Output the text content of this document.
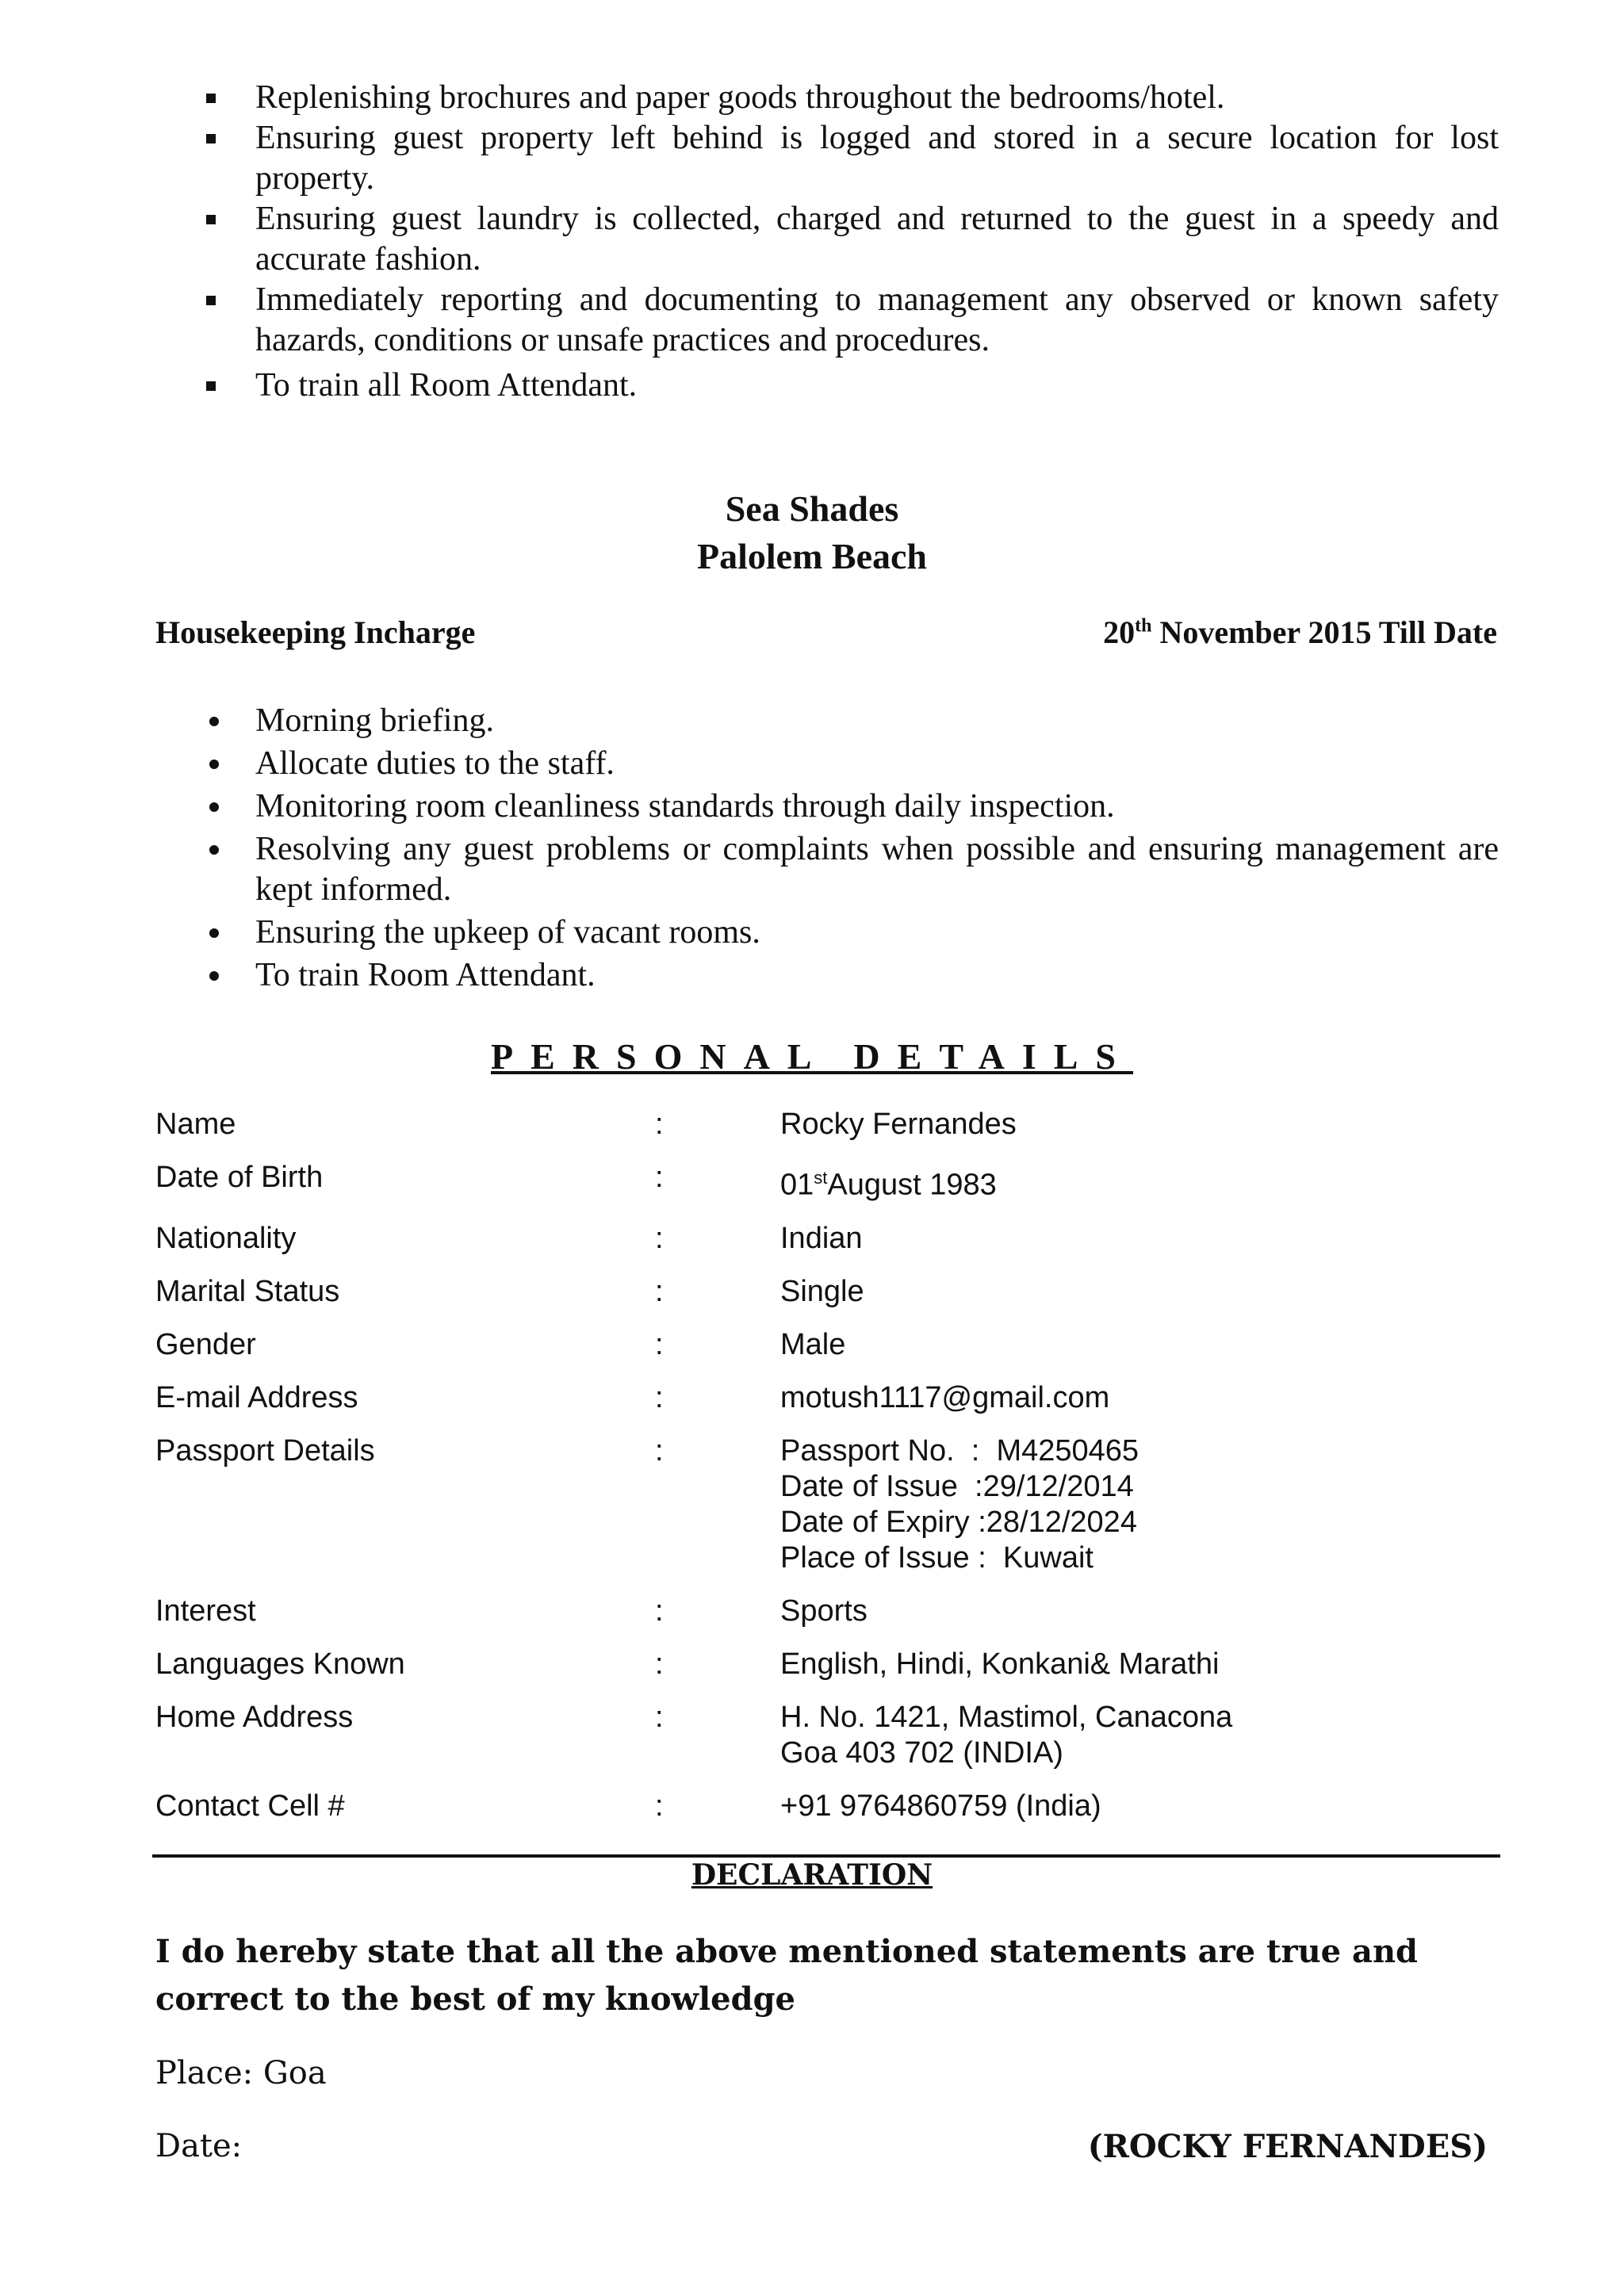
Replenishing brochures and paper goods throughout the bedrooms/hotel.
Ensuring guest property left behind is logged and stored in a secure location for lost property.
Ensuring guest laundry is collected, charged and returned to the guest in a speedy and accurate fashion.
Immediately reporting and documenting to management any observed or known safety hazards, conditions or unsafe practices and procedures.
To train all Room Attendant.
Sea Shades
Palolem Beach
Housekeeping Incharge	20th November 2015 Till Date
Morning briefing.
Allocate duties to the staff.
Monitoring room cleanliness standards through daily inspection.
Resolving any guest problems or complaints when possible and ensuring management are kept informed.
Ensuring the upkeep of vacant rooms.
To train Room Attendant.
PERSONAL DETAILS
Name	:	Rocky Fernandes
Date of Birth	:	01stAugust 1983
Nationality	:	Indian
Marital Status	:	Single
Gender	:	Male
E-mail Address	:	motush1117@gmail.com
Passport Details	:	Passport No.  :  M4250465
Date of Issue  :29/12/2014
Date of Expiry :28/12/2024
Place of Issue :  Kuwait
Interest	:	Sports
Languages Known	:	English, Hindi, Konkani& Marathi
Home Address	:	H. No. 1421, Mastimol, Canacona
Goa 403 702 (INDIA)
Contact Cell #	:	+91 9764860759 (India)
DECLARATION
I do hereby state that all the above mentioned statements are true and correct to the best of my knowledge
Place: Goa
Date:	(ROCKY FERNANDES)
